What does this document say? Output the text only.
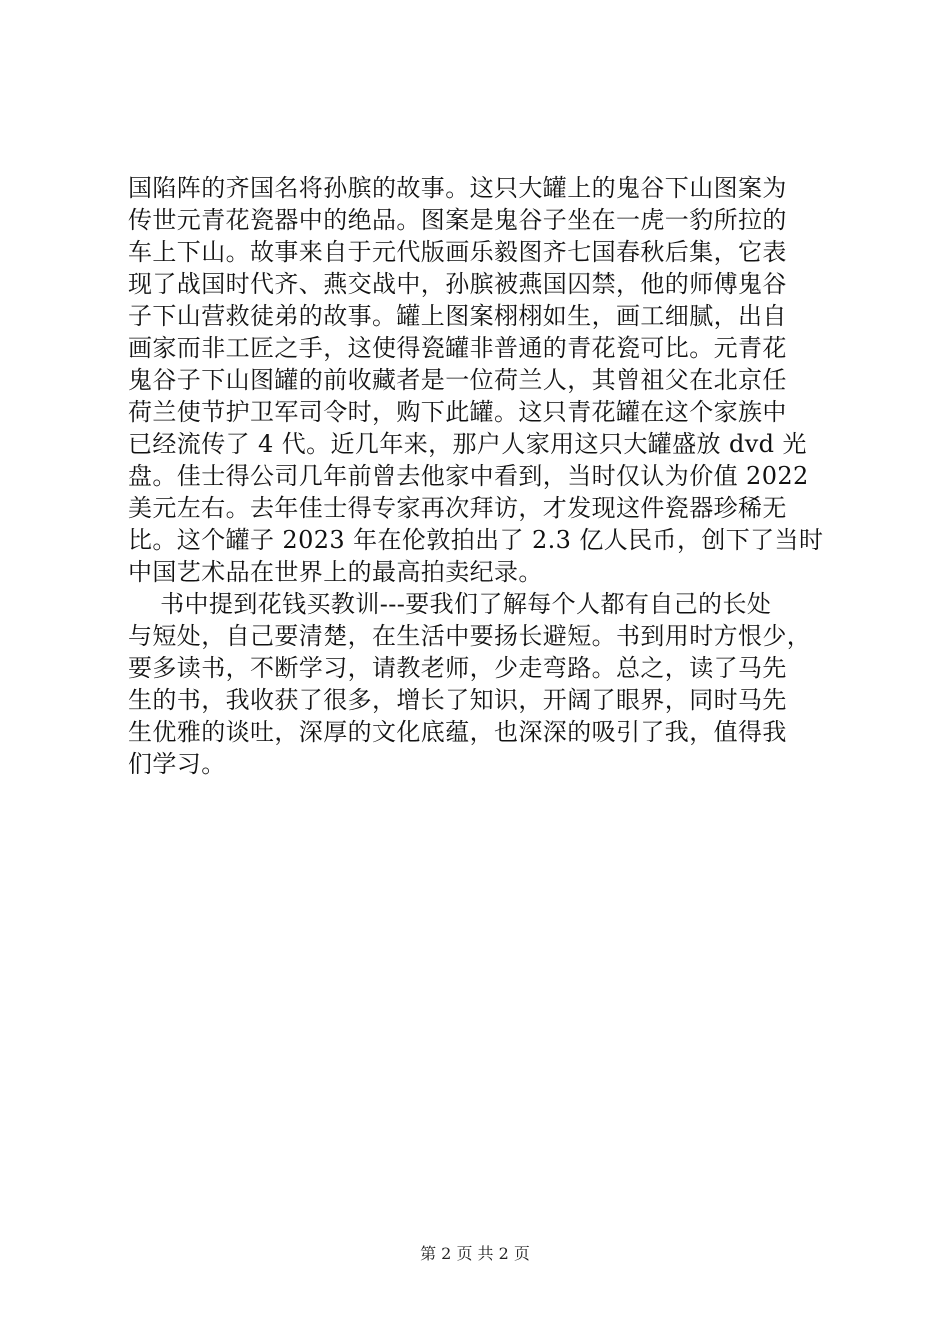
国陷阵的齐国名将孙膑的故事。这只大罐上的鬼谷下山图案为
传世元青花瓷器中的绝品。图案是鬼谷子坐在一虎一豹所拉的
车上下山。故事来自于元代版画乐毅图齐七国春秋后集，它表
现了战国时代齐、燕交战中，孙膑被燕国囚禁，他的师傅鬼谷
子下山营救徒弟的故事。罐上图案栩栩如生，画工细腻，出自
画家而非工匠之手，这使得瓷罐非普通的青花瓷可比。元青花
鬼谷子下山图罐的前收藏者是一位荷兰人，其曾祖父在北京任
荷兰使节护卫军司令时，购下此罐。这只青花罐在这个家族中
已经流传了 4 代。近几年来，那户人家用这只大罐盛放 dvd 光
盘。佳士得公司几年前曾去他家中看到，当时仅认为价值 2022
美元左右。去年佳士得专家再次拜访，才发现这件瓷器珍稀无
比。这个罐子 2023 年在伦敦拍出了 2.3 亿人民币，创下了当时
中国艺术品在世界上的最高拍卖纪录。
书中提到花钱买教训---要我们了解每个人都有自己的长处
与短处，自己要清楚，在生活中要扬长避短。书到用时方恨少，
要多读书，不断学习，请教老师，少走弯路。总之，读了马先
生的书，我收获了很多，增长了知识，开阔了眼界，同时马先
生优雅的谈吐，深厚的文化底蕴，也深深的吸引了我，值得我
们学习。
第 2 页 共 2 页
